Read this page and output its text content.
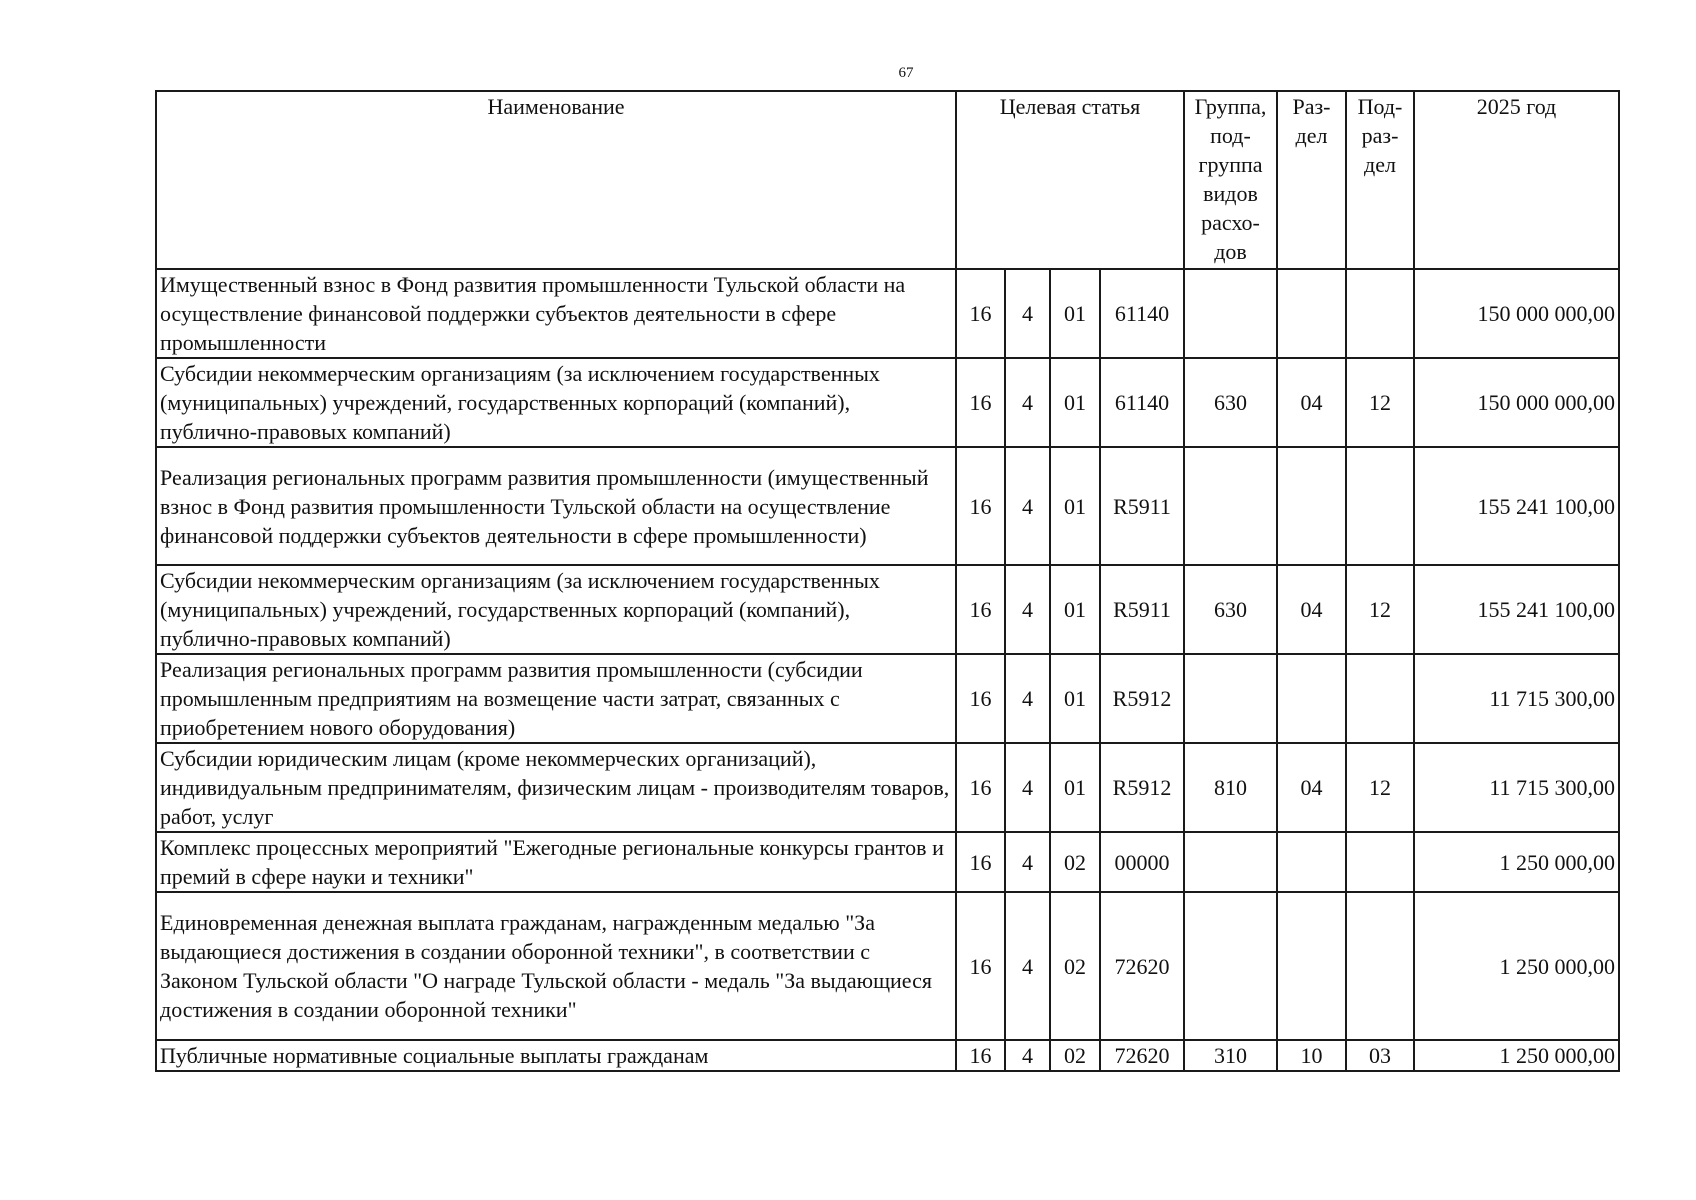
67
Наименование	Целевая статья				Группа, под-группа видов расхо-дов	Раз-дел	Под-раз-дел	2025 год
Имущественный взнос в Фонд развития промышленности Тульской области на осуществление финансовой поддержки субъектов деятельности в сфере промышленности	16	4	01	61140				150 000 000,00
Субсидии некоммерческим организациям (за исключением государственных (муниципальных) учреждений, государственных корпораций (компаний), публично-правовых компаний)	16	4	01	61140	630	04	12	150 000 000,00
Реализация региональных программ развития промышленности (имущественный взнос в Фонд развития промышленности Тульской области на осуществление финансовой поддержки субъектов деятельности в сфере промышленности)	16	4	01	R5911				155 241 100,00
Субсидии некоммерческим организациям (за исключением государственных (муниципальных) учреждений, государственных корпораций (компаний), публично-правовых компаний)	16	4	01	R5911	630	04	12	155 241 100,00
Реализация региональных программ развития промышленности (субсидии промышленным предприятиям на возмещение части затрат, связанных с приобретением нового оборудования)	16	4	01	R5912				11 715 300,00
Субсидии юридическим лицам (кроме некоммерческих организаций), индивидуальным предпринимателям, физическим лицам - производителям товаров, работ, услуг	16	4	01	R5912	810	04	12	11 715 300,00
Комплекс процессных мероприятий "Ежегодные региональные конкурсы грантов и премий в сфере науки и техники"	16	4	02	00000				1 250 000,00
Единовременная денежная выплата гражданам, награжденным медалью "За выдающиеся достижения в создании оборонной техники", в соответствии с Законом Тульской области "О награде Тульской области - медаль "За выдающиеся достижения в создании оборонной техники"	16	4	02	72620				1 250 000,00
Публичные нормативные социальные выплаты гражданам	16	4	02	72620	310	10	03	1 250 000,00
